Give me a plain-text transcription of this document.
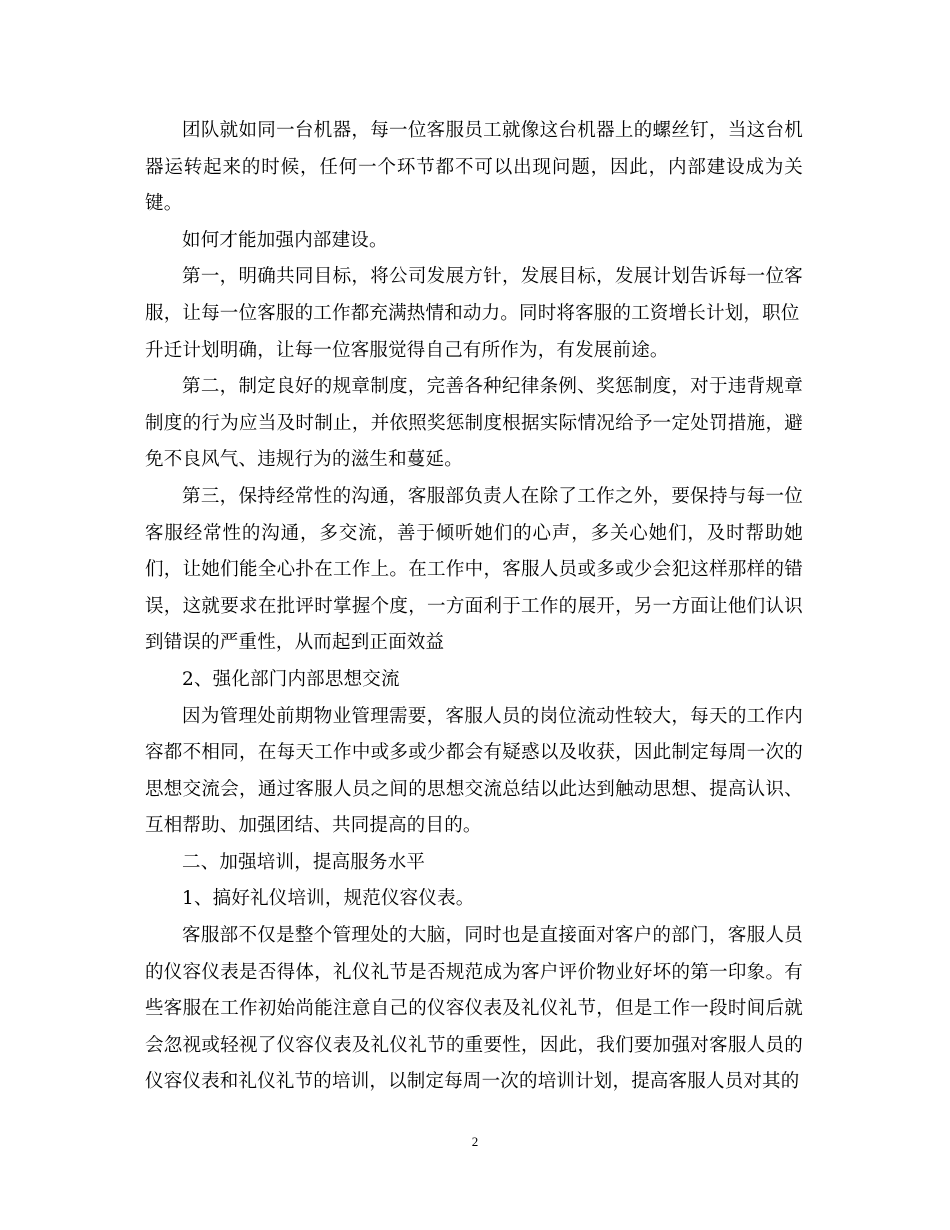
团队就如同一台机器，每一位客服员工就像这台机器上的螺丝钉，当这台机器运转起来的时候，任何一个环节都不可以出现问题，因此，内部建设成为关键。

如何才能加强内部建设。

第一，明确共同目标，将公司发展方针，发展目标，发展计划告诉每一位客服，让每一位客服的工作都充满热情和动力。同时将客服的工资增长计划，职位

升迁计划明确，让每一位客服觉得自己有所作为，有发展前途。

第二，制定良好的规章制度，完善各种纪律条例、奖惩制度，对于违背规章制度的行为应当及时制止，并依照奖惩制度根据实际情况给予一定处罚措施，避免不良风气、违规行为的滋生和蔓延。

第三，保持经常性的沟通，客服部负责人在除了工作之外，要保持与每一位客服经常性的沟通，多交流，善于倾听她们的心声，多关心她们，及时帮助她们，让她们能全心扑在工作上。在工作中，客服人员或多或少会犯这样那样的错误，这就要求在批评时掌握个度，一方面利于工作的展开，另一方面让他们认识到错误的严重性，从而起到正面效益

2、强化部门内部思想交流

因为管理处前期物业管理需要，客服人员的岗位流动性较大，每天的工作内容都不相同，在每天工作中或多或少都会有疑惑以及收获，因此制定每周一次的思想交流会，通过客服人员之间的思想交流总结以此达到触动思想、提高认识、互相帮助、加强团结、共同提高的目的。

二、加强培训，提高服务水平

1、搞好礼仪培训，规范仪容仪表。

客服部不仅是整个管理处的大脑，同时也是直接面对客户的部门，客服人员的仪容仪表是否得体，礼仪礼节是否规范成为客户评价物业好坏的第一印象。有些客服在工作初始尚能注意自己的仪容仪表及礼仪礼节，但是工作一段时间后就会忽视或轻视了仪容仪表及礼仪礼节的重要性，因此，我们要加强对客服人员的仪容仪表和礼仪礼节的培训，以制定每周一次的培训计划，提高客服人员对其的

2
